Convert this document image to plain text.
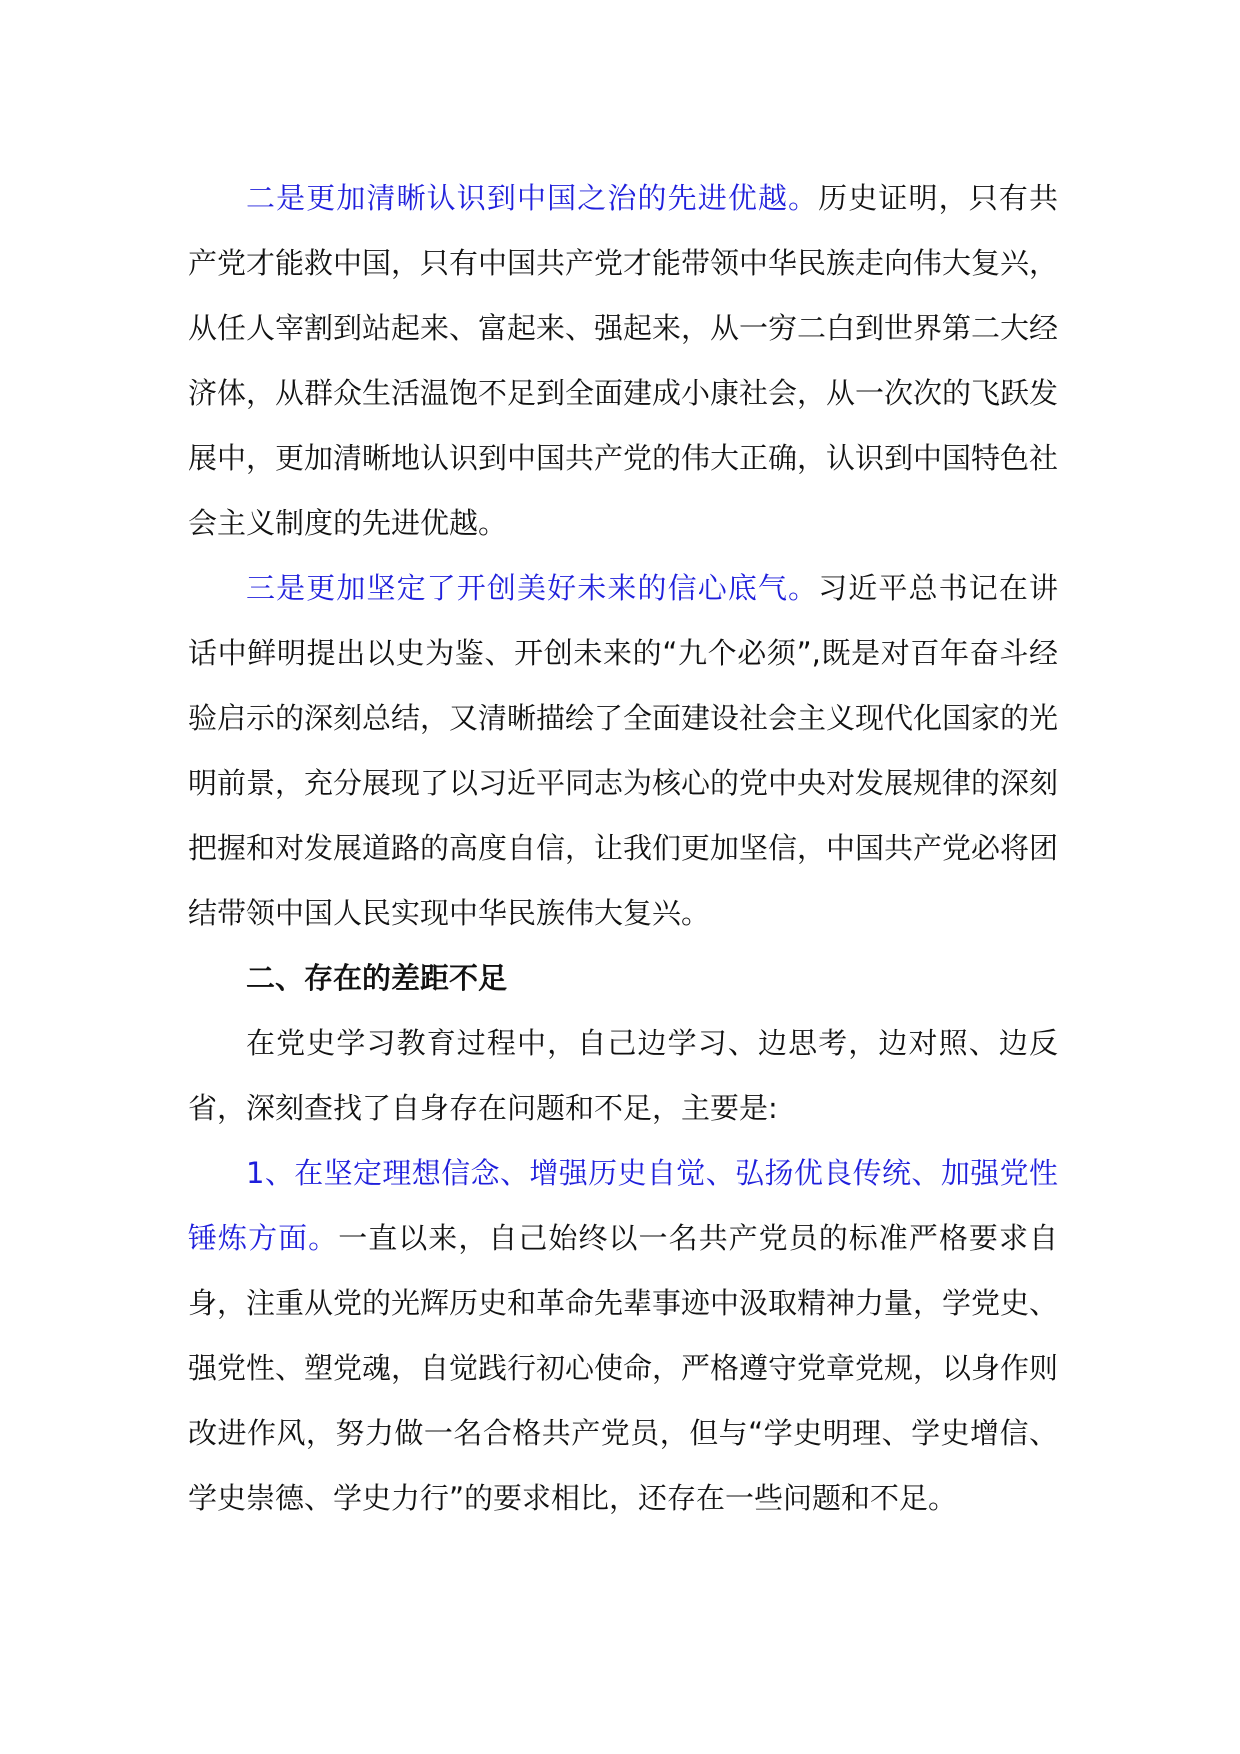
二是更加清晰认识到中国之治的先进优越。历史证明，只有共产党才能救中国，只有中国共产党才能带领中华民族走向伟大复兴，从任人宰割到站起来、富起来、强起来，从一穷二白到世界第二大经济体，从群众生活温饱不足到全面建成小康社会，从一次次的飞跃发展中，更加清晰地认识到中国共产党的伟大正确，认识到中国特色社会主义制度的先进优越。

三是更加坚定了开创美好未来的信心底气。习近平总书记在讲话中鲜明提出以史为鉴、开创未来的“九个必须”,既是对百年奋斗经验启示的深刻总结，又清晰描绘了全面建设社会主义现代化国家的光明前景，充分展现了以习近平同志为核心的党中央对发展规律的深刻把握和对发展道路的高度自信，让我们更加坚信，中国共产党必将团结带领中国人民实现中华民族伟大复兴。

二、存在的差距不足

在党史学习教育过程中，自己边学习、边思考，边对照、边反省，深刻查找了自身存在问题和不足，主要是:

1、在坚定理想信念、增强历史自觉、弘扬优良传统、加强党性锤炼方面。一直以来，自己始终以一名共产党员的标准严格要求自身，注重从党的光辉历史和革命先辈事迹中汲取精神力量，学党史、强党性、塑党魂，自觉践行初心使命，严格遵守党章党规，以身作则改进作风，努力做一名合格共产党员，但与“学史明理、学史增信、学史崇德、学史力行”的要求相比，还存在一些问题和不足。
